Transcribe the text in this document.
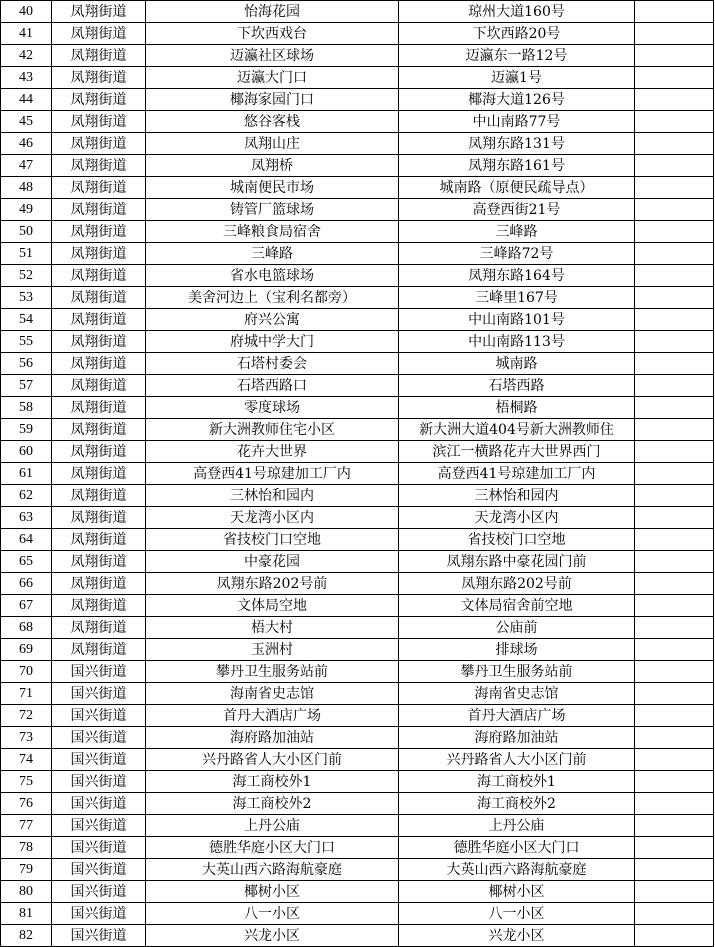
40	凤翔街道	怡海花园	琼州大道160号	
41	凤翔街道	下坎西戏台	下坎西路20号	
42	凤翔街道	迈瀛社区球场	迈瀛东一路12号	
43	凤翔街道	迈瀛大门口	迈瀛1号	
44	凤翔街道	椰海家园门口	椰海大道126号	
45	凤翔街道	悠谷客栈	中山南路77号	
46	凤翔街道	凤翔山庄	凤翔东路131号	
47	凤翔街道	凤翔桥	凤翔东路161号	
48	凤翔街道	城南便民市场	城南路（原便民疏导点）	
49	凤翔街道	铸管厂篮球场	高登西街21号	
50	凤翔街道	三峰粮食局宿舍	三峰路	
51	凤翔街道	三峰路	三峰路72号	
52	凤翔街道	省水电篮球场	凤翔东路164号	
53	凤翔街道	美舍河边上（宝利名都旁）	三峰里167号	
54	凤翔街道	府兴公寓	中山南路101号	
55	凤翔街道	府城中学大门	中山南路113号	
56	凤翔街道	石塔村委会	城南路	
57	凤翔街道	石塔西路口	石塔西路	
58	凤翔街道	零度球场	梧桐路	
59	凤翔街道	新大洲教师住宅小区	新大洲大道404号新大洲教师住	
60	凤翔街道	花卉大世界	滨江一横路花卉大世界西门	
61	凤翔街道	高登西41号琼建加工厂内	高登西41号琼建加工厂内	
62	凤翔街道	三林怡和园内	三林怡和园内	
63	凤翔街道	天龙湾小区内	天龙湾小区内	
64	凤翔街道	省技校门口空地	省技校门口空地	
65	凤翔街道	中豪花园	凤翔东路中豪花园门前	
66	凤翔街道	凤翔东路202号前	凤翔东路202号前	
67	凤翔街道	文体局空地	文体局宿舍前空地	
68	凤翔街道	梧大村	公庙前	
69	凤翔街道	玉洲村	排球场	
70	国兴街道	攀丹卫生服务站前	攀丹卫生服务站前	
71	国兴街道	海南省史志馆	海南省史志馆	
72	国兴街道	首丹大酒店广场	首丹大酒店广场	
73	国兴街道	海府路加油站	海府路加油站	
74	国兴街道	兴丹路省人大小区门前	兴丹路省人大小区门前	
75	国兴街道	海工商校外1	海工商校外1	
76	国兴街道	海工商校外2	海工商校外2	
77	国兴街道	上丹公庙	上丹公庙	
78	国兴街道	德胜华庭小区大门口	德胜华庭小区大门口	
79	国兴街道	大英山西六路海航豪庭	大英山西六路海航豪庭	
80	国兴街道	椰树小区	椰树小区	
81	国兴街道	八一小区	八一小区	
82	国兴街道	兴龙小区	兴龙小区	
